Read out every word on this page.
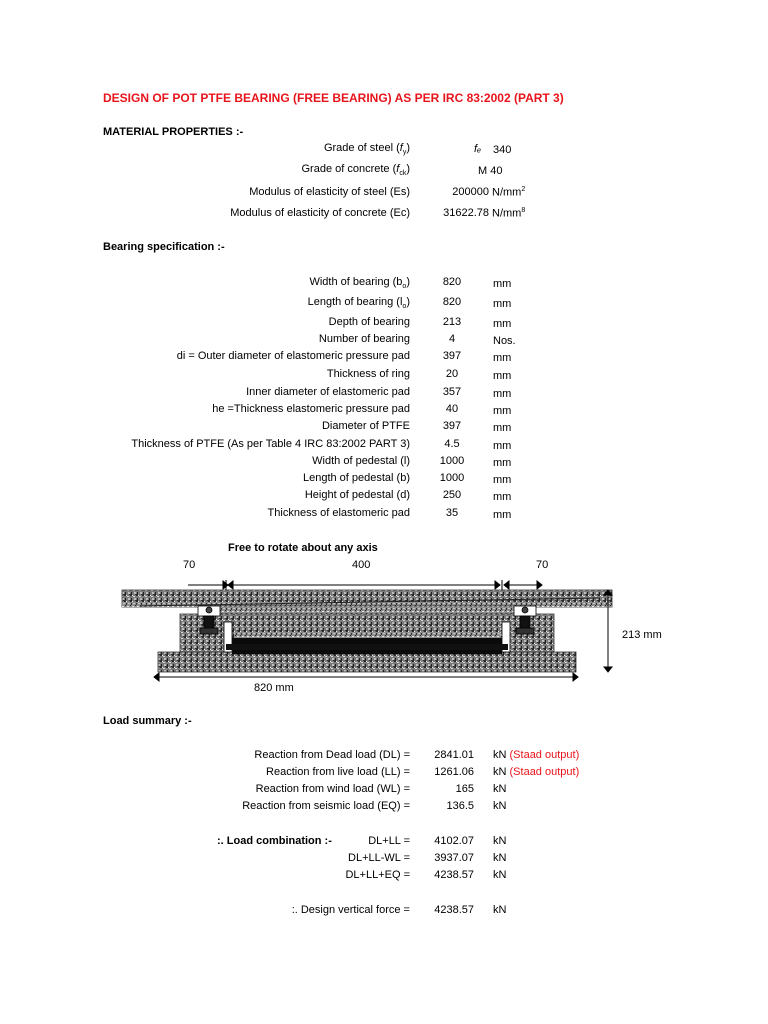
DESIGN OF POT PTFE BEARING (FREE BEARING) AS PER IRC 83:2002 (PART 3)
MATERIAL PROPERTIES :-
Grade of steel $(f_y)$	fₑ 340
Grade of concrete $(f_{ck})$	M 40
Modulus of elasticity of steel (Es)	200000 $N/mm^2$
Modulus of elasticity of concrete (Ec)	31622.78 $N/mm^8$
Bearing specification :-
Width of bearing $(b_o)$	820	mm
Length of bearing $(l_o)$	820	mm
Depth of bearing	213	mm
Number of bearing	4	Nos.
di = Outer diameter of elastomeric pressure pad	397	mm
Thickness of ring	20	mm
Inner diameter of elastomeric pad	357	mm
he =Thickness elastomeric pressure pad	40	mm
Diameter of PTFE	397	mm
Thickness of PTFE (As per Table 4 IRC 83:2002 PART 3)	4.5	mm
Width of pedestal (l)	1000	mm
Length of pedestal (b)	1000	mm
Height of pedestal (d)	250	mm
Thickness of elastomeric pad	35	mm
Free to rotate about any axis
70	400	70
213 mm
820 mm
Load summary :-
Reaction from Dead load (DL) = 2841.01 kN (Staad output)
Reaction from live load (LL) = 1261.06 kN (Staad output)
Reaction from wind load (WL) =	165 kN
Reaction from seismic load (EQ) =	136.5 kN
:. Load combination :-	DL+LL = 4102.07 kN
DL+LL-WL = 3937.07 kN
DL+LL+EQ = 4238.57 kN
:. Design vertical force = 4238.57 kN
